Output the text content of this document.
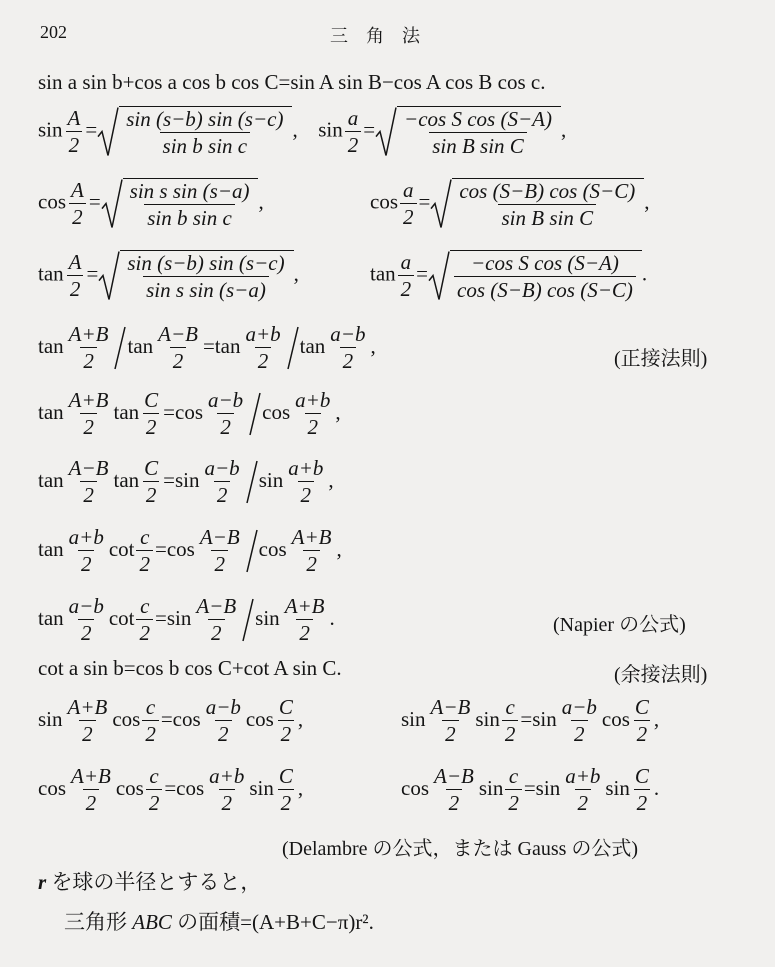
202	三　角　法
sin a sin b+cos a cos b cos C=sin A sin B−cos A cos B cos c.
$\sin \frac{A}{2} = \frac{\sin (s-b) \sin (s-c)}{\text{sin b sin c}}$ , $\sin \frac{a}{2} = \frac{\text{−cos S cos (S−A)}}{\text{sin B sin C}}$ ,
$\cos \frac{A}{2} = \frac{\text{sin s sin (s−a)}}{\text{sin b sin c}}$ ,	$\cos \frac{a}{2} = \frac{\cos (S-B) \cos (S-C)}{\text{sin B sin C}}$ ,
$\tan \frac{A}{2} = \frac{\sin (s-b) \sin (s-c)}{\text{sin s sin (s−a)}}$ ,	$\tan \frac{a}{2} = \frac{\text{−cos S cos (S−A)}}{\cos (S-B) \cos (S-C)}$ .
$\tan \frac{A+B}{2}$ $\tan \frac{A-B}{2} =\tan \frac{a+b}{2}$ $\tan \frac{a-b}{2}$ ,
(正接法則)
$\tan \frac{A+B}{2}$ $\tan \frac{C}{2} =\cos \frac{a-b}{2}$ $\cos \frac{a+b}{2}$ ,
$\tan \frac{A-B}{2}$ $\tan \frac{C}{2} =\sin \frac{a-b}{2}$ $\sin \frac{a+b}{2}$ ,
$\tan \frac{a+b}{2}$ $\cot \frac{c}{2} =\cos \frac{A-B}{2}$ $\cos \frac{A+B}{2}$ ,
$\tan \frac{a-b}{2}$ $\cot \frac{c}{2} =\sin \frac{A-B}{2}$ $\sin \frac{A+B}{2}$ .	(Napier の公式)
cot a sin b=cos b cos C+cot A sin C.	(余接法則)
$\sin \frac{A+B}{2}$ $\cos \frac{c}{2} =\cos \frac{a-b}{2}$ $\cos \frac{C}{2}$ ,	$\sin \frac{A-B}{2}$ $\sin \frac{c}{2} =\sin \frac{a-b}{2}$ $\cos \frac{C}{2}$ ,
$\cos \frac{A+B}{2}$ $\cos \frac{c}{2} =\cos \frac{a+b}{2}$ $\sin \frac{C}{2}$ ,	$\cos \frac{A-B}{2}$ $\sin \frac{c}{2} =\sin \frac{a+b}{2}$ $\sin \frac{C}{2}$ .
(Delambre の公式，または Gauss の公式)
r を球の半径とすると，
三角形 ABC の面積=(A+B+C−π)r².
